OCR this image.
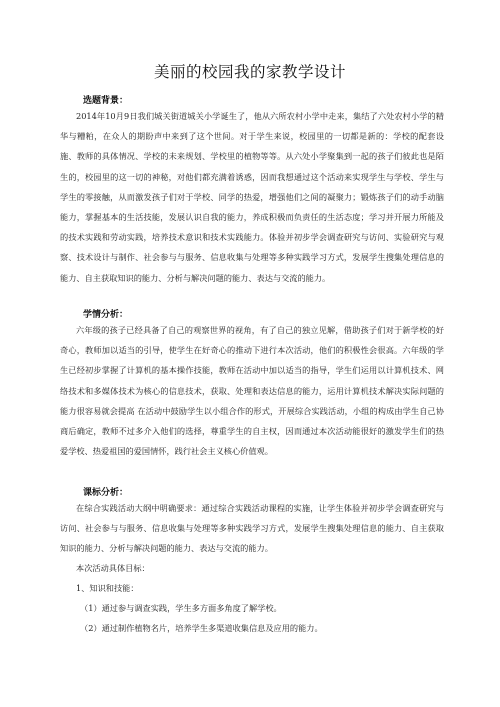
美丽的校园我的家教学设计
选题背景：

2014年10月9日我们城关街道城关小学诞生了，他从六所农村小学中走来，集结了六处农村小学的精华与糟粕，在众人的期盼声中来到了这个世间。对于学生来说，校园里的一切都是新的：学校的配套设施、教师的具体情况、学校的未来规划、学校里的植物等等。从六处小学聚集到一起的孩子们彼此也是陌生的，校园里的这一切的神秘，对他们都充满着诱惑，因而我想通过这个活动来实现学生与学校、学生与学生的零接触，从而激发孩子们对于学校、同学的热爱，增强他们之间的凝聚力；锻炼孩子们的动手动脑能力，掌握基本的生活技能，发展认识自我的能力，养成积极而负责任的生活态度；学习并开展力所能及的技术实践和劳动实践，培养技术意识和技术实践能力。体验并初步学会调查研究与访问、实验研究与观察、技术设计与制作、社会参与与服务、信息收集与处理等多种实践学习方式，发展学生搜集处理信息的能力、自主获取知识的能力、分析与解决问题的能力、表达与交流的能力。

学情分析：

六年级的孩子已经具备了自己的观察世界的视角，有了自己的独立见解，借助孩子们对于新学校的好奇心，教师加以适当的引导，使学生在好奇心的推动下进行本次活动，他们的积极性会很高。六年级的学生已经初步掌握了计算机的基本操作技能，教师在活动中加以适当的指导，学生们运用以计算机技术、网络技术和多媒体技术为核心的信息技术，获取、处理和表达信息的能力，运用计算机技术解决实际问题的能力很容易就会提高 在活动中鼓励学生以小组合作的形式，开展综合实践活动，小组的构成由学生自己协商后确定，教师不过多介入他们的选择，尊重学生的自主权，因而通过本次活动能很好的激发学生们的热爱学校、热爱祖国的爱国情怀，践行社会主义核心价值观。

课标分析：

在综合实践活动大纲中明确要求：通过综合实践活动课程的实施，让学生体验并初步学会调查研究与访问、社会参与与服务、信息收集与处理等多种实践学习方式，发展学生搜集处理信息的能力、自主获取知识的能力、分析与解决问题的能力、表达与交流的能力。

本次活动具体目标：
1、知识和技能：
（1）通过参与调查实践，学生多方面多角度了解学校。
（2）通过制作植物名片，培养学生多渠道收集信息及应用的能力。
